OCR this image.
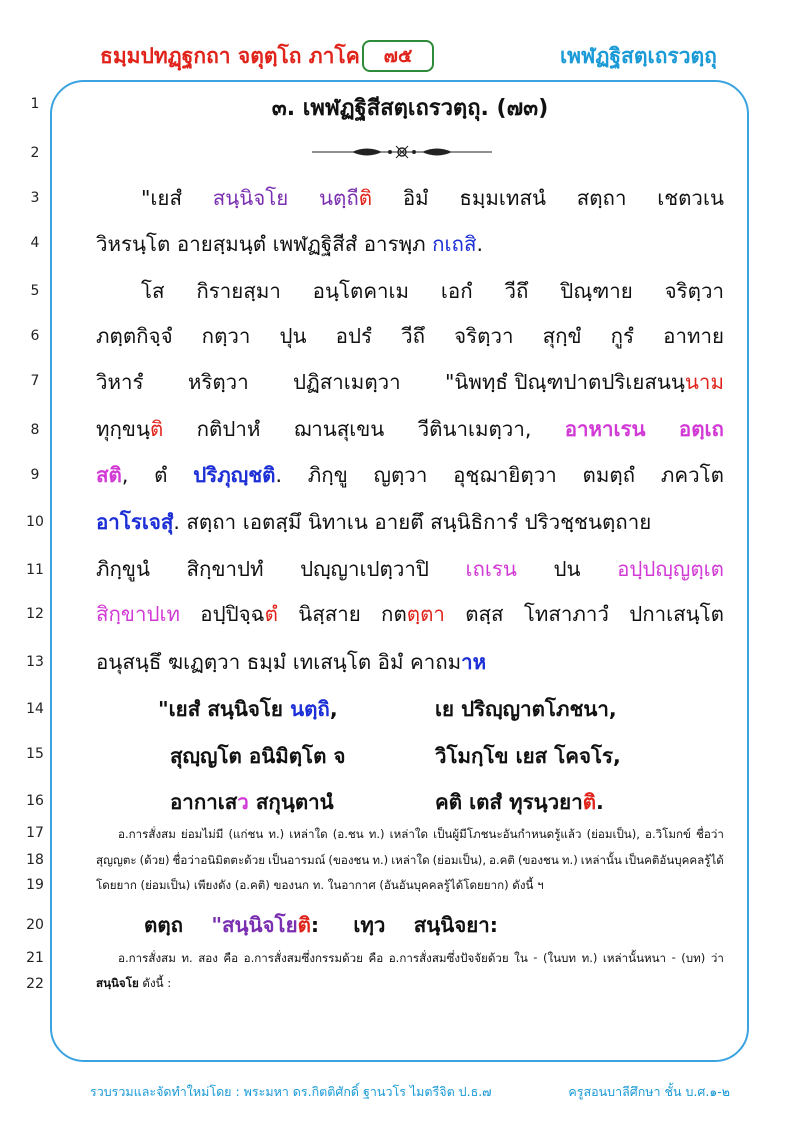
ธมฺมปทฏฺฐกถา จตุตฺโถ ภาโค	๗๕	เพฬฏฐิสตฺเถรวตฺถุ
1
2
3
4
5
6
7
8
9
10
11
12
13
14
15
16
17
18
19
20
21
22
๓. เพฬฏฐิสีสตฺเถรวตฺถุ. (๗๓)
"เยสํ สนฺนิจโย นตฺถีติ อิมํ ธมฺมเทสนํ สตฺถา เชตวเน
วิหรนฺโต อายสฺมนฺตํ เพฬฏฐิสีสํ อารพฺภ กเถสิ.
โส กิรายสฺมา อนฺโตคาเม เอกํ วีถึ ปิณฺฑาย จริตฺวา
ภตฺตกิจฺจํ กตฺวา ปุน อปรํ วีถึ จริตฺวา สุกฺขํ กูรํ อาทาย
วิหารํ หริตฺวา ปฏิสาเมตฺวา "นิพทฺธํ ปิณฺฑปาตปริเยสนนฺนาม
ทุกฺขนฺติ กติปาหํ ฌานสุเขน วีตินาเมตฺวา, อาหาเรน อตฺเถ
สติ, ตํ ปริภุญฺชติ. ภิกฺขู ญตฺวา อุชฺฌายิตฺวา ตมตฺถํ ภควโต
อาโรเจสุํ. สตฺถา เอตสฺมึ นิทาเน อายตึ สนฺนิธิการํ ปริวชฺชนตฺถาย
ภิกฺขูนํ สิกฺขาปทํ ปญฺญาเปตฺวาปิ เถเรน ปน อปฺปญฺญตฺเต
สิกฺขาปเท อปฺปิจฺฉตํ นิสฺสาย กตตฺตา ตสฺส โทสาภาวํ ปกาเสนฺโต
อนุสนฺธึ ฆเฏตฺวา ธมฺมํ เทเสนฺโต อิมํ คาถมาห
"เยสํ สนฺนิจโย นตฺถิ,	เย ปริญฺญาตโภชนา,
สุญฺญโต อนิมิตฺโต จ	วิโมกฺโข เยส โคจโร,
อากาเสว สกุนฺตานํ	คติ เตสํ ทุรนฺวยาติ.
อ.การสั่งสม ย่อมไม่มี (แก่ชน ท.) เหล่าใด (อ.ชน ท.) เหล่าใด เป็นผู้มีโภชนะอันกำหนดรู้แล้ว (ย่อมเป็น), อ.วิโมกข์ ชื่อว่า
สุญญตะ (ด้วย) ชื่อว่าอนิมิตตะด้วย เป็นอารมณ์ (ของชน ท.) เหล่าใด (ย่อมเป็น), อ.คติ (ของชน ท.) เหล่านั้น เป็นคติอันบุคคลรู้ได้
โดยยาก (ย่อมเป็น) เพียงดัง (อ.คติ) ของนก ท. ในอากาศ (อันอันบุคคลรู้ได้โดยยาก) ดังนี้ ฯ
ตตฺถ "สนฺนิจโยติ: เทฺว สนฺนิจยา:
อ.การสั่งสม ท. สอง คือ อ.การสั่งสมซึ่งกรรมด้วย คือ อ.การสั่งสมซึ่งปัจจัยด้วย ใน - (ในบท ท.) เหล่านั้นหนา - (บท) ว่า
สนฺนิจโย ดังนี้ :
รวบรวมและจัดทำใหม่โดย : พระมหา ดร.กิตติศักดิ์ ฐานวโร ไมตรีจิต ป.ธ.๗	ครูสอนบาลีศึกษา ชั้น บ.ศ.๑-๒
